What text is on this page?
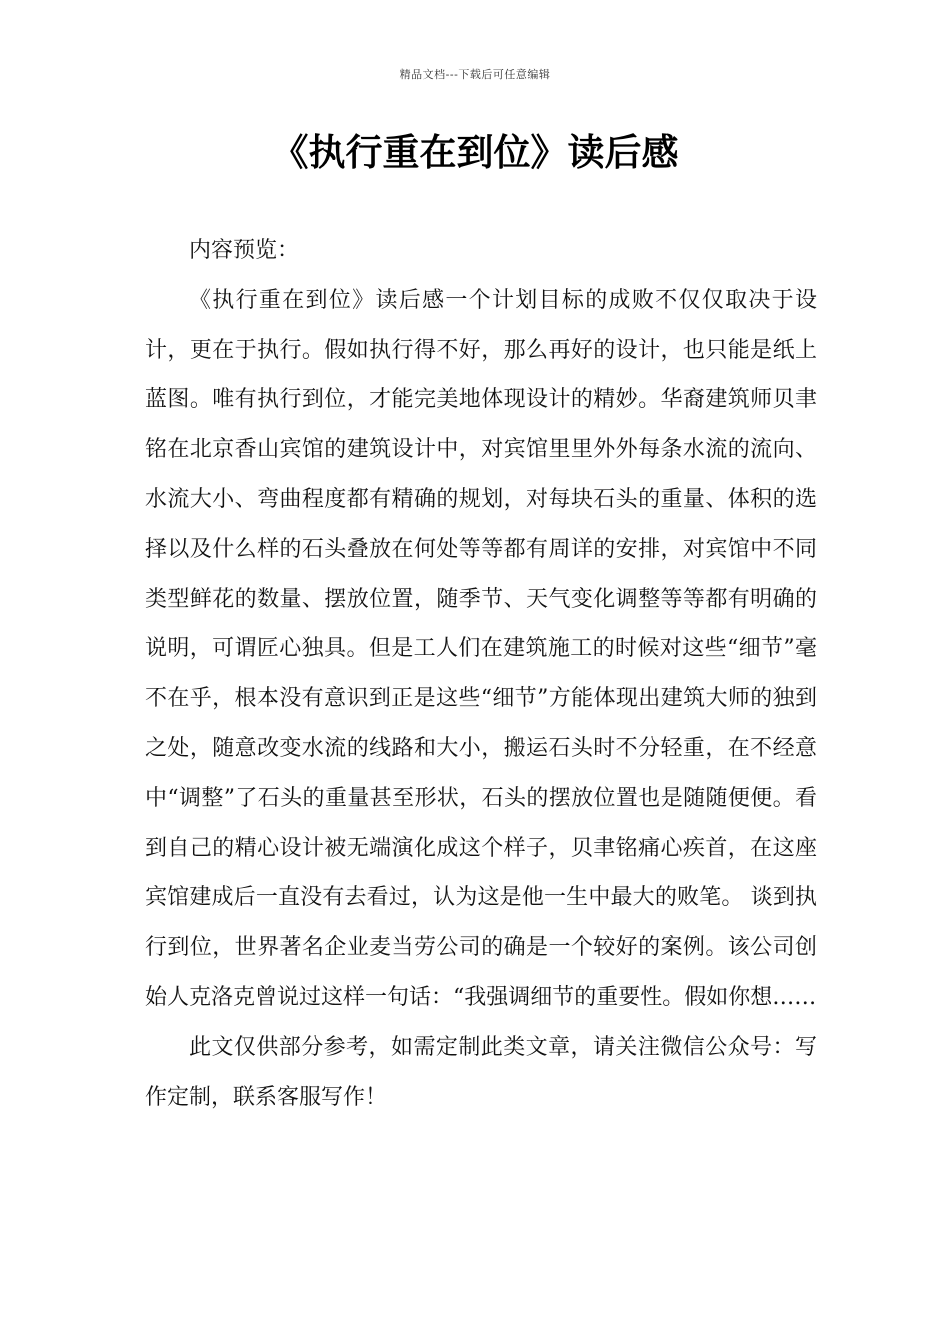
精品文档---下载后可任意编辑
《执行重在到位》读后感

内容预览：

《执行重在到位》读后感一个计划目标的成败不仅仅取决于设计，更在于执行。假如执行得不好，那么再好的设计，也只能是纸上蓝图。唯有执行到位，才能完美地体现设计的精妙。华裔建筑师贝聿铭在北京香山宾馆的建筑设计中，对宾馆里里外外每条水流的流向、水流大小、弯曲程度都有精确的规划，对每块石头的重量、体积的选择以及什么样的石头叠放在何处等等都有周详的安排，对宾馆中不同类型鲜花的数量、摆放位置，随季节、天气变化调整等等都有明确的说明，可谓匠心独具。但是工人们在建筑施工的时候对这些“细节”毫不在乎，根本没有意识到正是这些“细节”方能体现出建筑大师的独到之处，随意改变水流的线路和大小，搬运石头时不分轻重，在不经意中“调整”了石头的重量甚至形状，石头的摆放位置也是随随便便。看到自己的精心设计被无端演化成这个样子，贝聿铭痛心疾首，在这座宾馆建成后一直没有去看过，认为这是他一生中最大的败笔。 谈到执行到位，世界著名企业麦当劳公司的确是一个较好的案例。该公司创始人克洛克曾说过这样一句话：“我强调细节的重要性。假如你想……

此文仅供部分参考，如需定制此类文章，请关注微信公众号：写作定制，联系客服写作！
